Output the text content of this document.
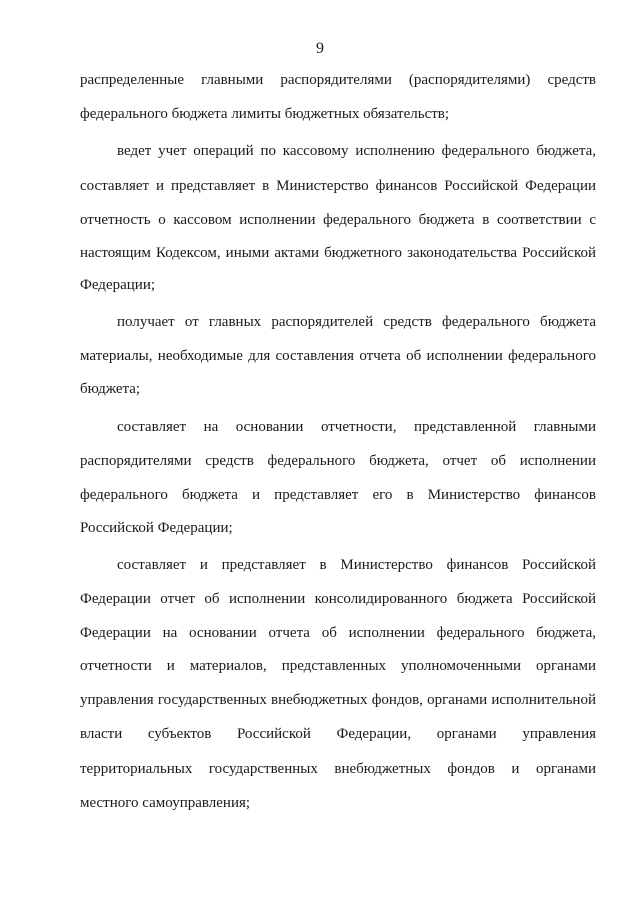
9
распределенные главными распорядителями (распорядителями) средств
федерального бюджета лимиты бюджетных обязательств;
ведет учет операций по кассовому исполнению федерального бюджета,
составляет и представляет в Министерство финансов Российской Федерации
отчетность о кассовом исполнении федерального бюджета в соответствии с
настоящим Кодексом, иными актами бюджетного законодательства Российской
Федерации;
получает от главных распорядителей средств федерального бюджета
материалы, необходимые для составления отчета об исполнении федерального
бюджета;
составляет на основании отчетности, представленной главными
распорядителями средств федерального бюджета, отчет об исполнении
федерального бюджета и представляет его в Министерство финансов
Российской Федерации;
составляет и представляет в Министерство финансов Российской
Федерации отчет об исполнении консолидированного бюджета Российской
Федерации на основании отчета об исполнении федерального бюджета,
отчетности и материалов, представленных уполномоченными органами
управления государственных внебюджетных фондов, органами исполнительной
власти субъектов Российской Федерации, органами управления
территориальных государственных внебюджетных фондов и органами
местного самоуправления;
